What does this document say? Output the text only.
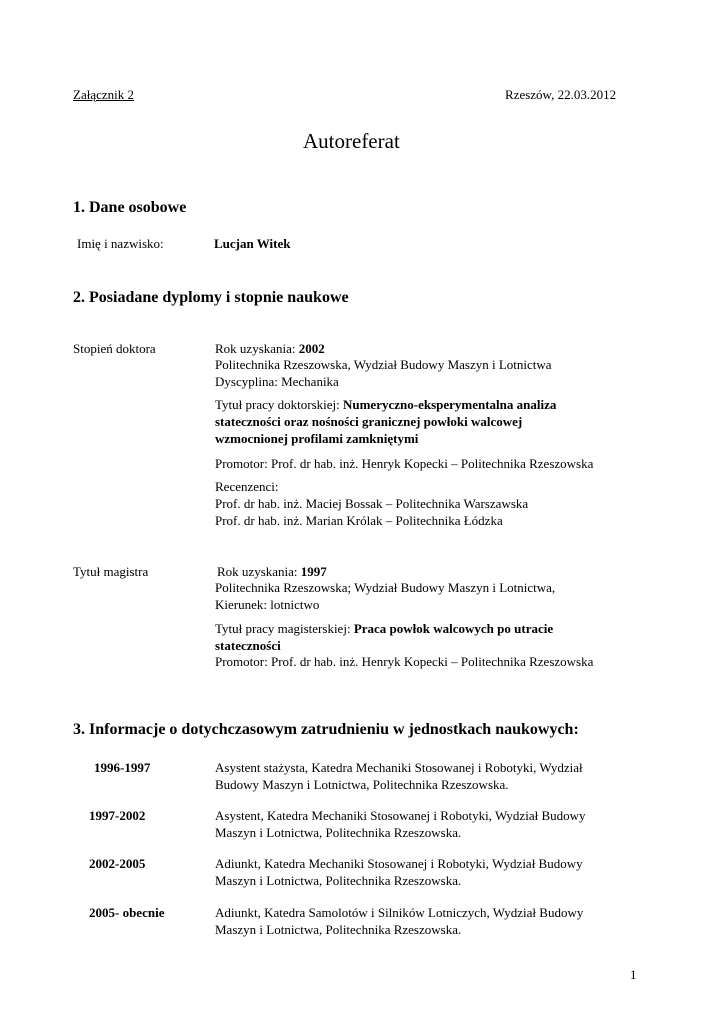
Załącznik 2	Rzeszów, 22.03.2012
Autoreferat
1. Dane osobowe
Imię i nazwisko:	Lucjan Witek
2. Posiadane dyplomy i stopnie naukowe
Stopień doktora	Rok uzyskania: 2002
Politechnika Rzeszowska, Wydział Budowy Maszyn i Lotnictwa
Dyscyplina: Mechanika
Tytuł pracy doktorskiej: Numeryczno-eksperymentalna analiza
stateczności oraz nośności granicznej powłoki walcowej
wzmocnionej profilami zamkniętymi
Promotor: Prof. dr hab. inż. Henryk Kopecki – Politechnika Rzeszowska
Recenzenci:
Prof. dr hab. inż. Maciej Bossak – Politechnika Warszawska
Prof. dr hab. inż. Marian Królak – Politechnika Łódzka
Tytuł magistra	Rok uzyskania: 1997
Politechnika Rzeszowska; Wydział Budowy Maszyn i Lotnictwa,
Kierunek: lotnictwo
Tytuł pracy magisterskiej: Praca powłok walcowych po utracie
stateczności
Promotor: Prof. dr hab. inż. Henryk Kopecki – Politechnika Rzeszowska
3. Informacje o dotychczasowym zatrudnieniu w jednostkach naukowych:
1996-1997	Asystent stażysta, Katedra Mechaniki Stosowanej i Robotyki, Wydział
Budowy Maszyn i Lotnictwa, Politechnika Rzeszowska.
1997-2002	Asystent, Katedra Mechaniki Stosowanej i Robotyki, Wydział Budowy
Maszyn i Lotnictwa, Politechnika Rzeszowska.
2002-2005	Adiunkt, Katedra Mechaniki Stosowanej i Robotyki, Wydział Budowy
Maszyn i Lotnictwa, Politechnika Rzeszowska.
2005- obecnie	Adiunkt, Katedra Samolotów i Silników Lotniczych, Wydział Budowy
Maszyn i Lotnictwa, Politechnika Rzeszowska.
1
